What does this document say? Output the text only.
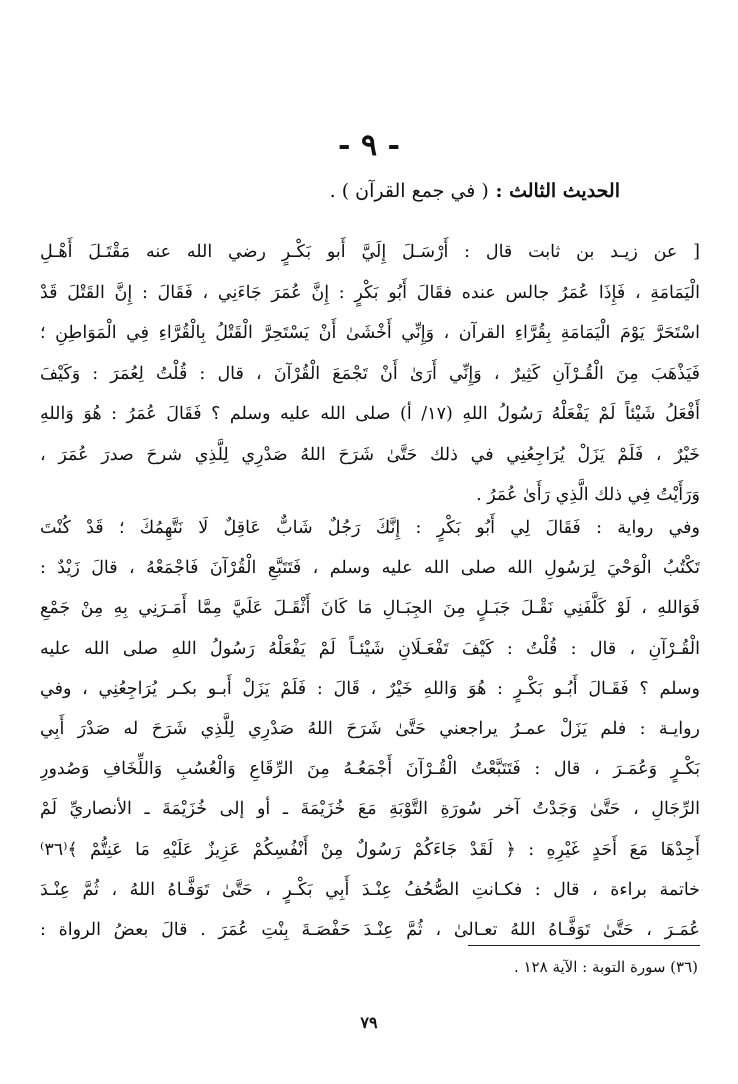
- ٩ -
الحديث الثالث : ( في جمع القرآن ) .
[ عن زيـد بن ثابت قال : أَرْسَـلَ إِلَيَّ أَبو بَكْـرٍ رضي الله عنه مَقْتَـلَ أَهْـلِ
الْيَمَامَةِ ، فَإِذَا عُمَرُ جالس عنده فقَالَ أَبُو بَكْرٍ : إِنَّ عُمَرَ جَاءَنِي ، فَقَالَ : إِنَّ القَتْلَ قَدْ
اسْتَحَرَّ يَوْمَ الْيَمَامَةِ بِقُرَّاءِ القرآن ، وَإِنِّي أَخْشَىٰ أَنْ يَسْتَحِرَّ الْقَتْلُ بِالْقُرَّاءِ فِي الْمَوَاطِنِ ؛
فَيَذْهَبَ مِنَ الْقُـرْآنِ كَثِيرٌ ، وَإِنِّي أَرَىٰ أَنْ تَجْمَعَ الْقُرْآنَ ، قال : قُلْتُ لِعُمَرَ : وَكَيْفَ
أَفْعَلُ شَيْئاً لَمْ يَفْعَلْهُ رَسُولُ اللهِ (١٧/ أ) صلى الله عليه وسلم ؟ فَقَالَ عُمَرُ : هُوَ وَاللهِ
خَيْرٌ ، فَلَمْ يَزَلْ يُرَاجِعُنِي في ذلك حَتَّىٰ شَرَحَ اللهُ صَدْرِي لِلَّذِي شرحَ صدرَ عُمَرَ ،
وَرَأَيْتُ فِي ذلك الَّذِي رَأَىٰ عُمَرُ .
وفي رواية : فَقَالَ لِي أَبُو بَكْرٍ : إِنَّكَ رَجُلٌ شَابٌّ عَاقِلٌ لَا نَتَّهِمُكَ ؛ قَدْ كُنْتَ
تَكْتُبُ الْوَحْيَ لِرَسُولِ الله صلى الله عليه وسلم ، فَتَتَبَّعِ الْقُرْآنَ فَاجْمَعْهُ ، قالَ زَيْدٌ :
فَوَاللهِ ، لَوْ كَلَّفَنِي نَقْـلَ جَبَـلٍ مِنَ الجِبَـالِ مَا كَانَ أَثْقَـلَ عَلَيَّ مِمَّا أَمَـرَنِي بِهِ مِنْ جَمْعِ
الْقُـرْآنِ ، قال : قُلْتُ : كَيْفَ تَفْعَـلَانِ شَيْئـاً لَمْ يَفْعَلْهُ رَسُولُ اللهِ صلى الله عليه
وسلم ؟ فَقَـالَ أَبُـو بَكْـرٍ : هُوَ وَاللهِ خَيْرٌ ، قَالَ : فَلَمْ يَزَلْ أَبـو بكـر يُرَاجِعُنِي ، وفي
روايـة : فلم يَزَلْ عمـرُ يراجعني حَتَّىٰ شَرَحَ اللهُ صَدْرِي لِلَّذِي شَرَحَ له صَدْرَ أَبِي
بَكْـرٍ وَعُمَـرَ ، قال : فَتَتَبَّعْتُ الْقُـرْآنَ أَجْمَعُـهُ مِنَ الرِّقَاعِ وَالْعُسُبِ وَاللِّخَافِ وَصُدورِ
الرِّجَالِ ، حَتَّىٰ وَجَدْتُ آخر سُورَةِ التَّوْبَةِ مَعَ خُزَيْمَةَ ـ أو إلى خُزَيْمَةَ ـ الأنصاريِّ لَمْ
أَجِدْهَا مَعَ أَحَدٍ غَيْرِهِ : ﴿ لَقَدْ جَاءَكُمْ رَسُولٌ مِنْ أَنْفُسِكُمْ عَزِيزٌ عَلَيْهِ مَا عَنِتُّمْ ﴾⁽٣٦⁾
خاتمة براءة ، قال : فكـانتِ الصُّحُفُ عِنْـدَ أَبِي بَكْـرٍ ، حَتَّىٰ تَوَفَّـاهُ اللهُ ، ثُمَّ عِنْـدَ
عُمَـرَ ، حَتَّىٰ تَوَفَّـاهُ اللهُ تعـالىٰ ، ثُمَّ عِنْـدَ حَفْصَـةَ بِنْتِ عُمَرَ . قالَ بعضُ الرواة :
(٣٦) سورة التوبة : الآية ١٢٨ .
٧٩
